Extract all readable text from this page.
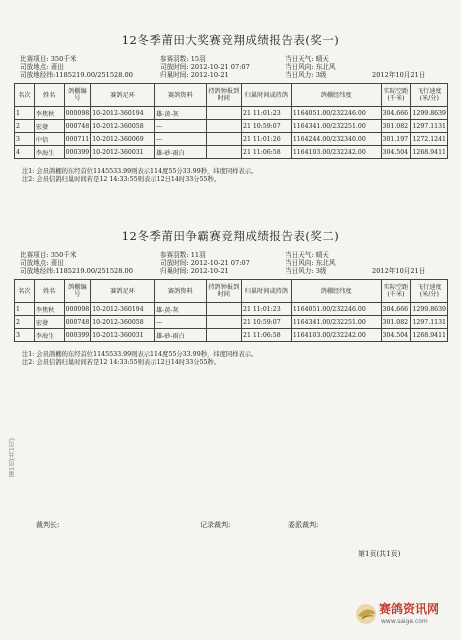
12冬季莆田大奖赛竞翔成绩报告表(奖一)
比赛项目: 350千米
司放地点: 莆田
司放地经纬:1185219.00/251528.00
参赛羽数: 15羽
司放时间: 2012-10-21 07:07
归巢时间: 2012-10-21
当日天气: 晴天
当日风向: 东北风
当日风力: 3级	2012年10月21日
名次	姓名	鸽棚编号	赛鸽足环	赛鸽资料	持鸽钟报到时间	归巢时间或持鸽	鸽棚经纬度	实际空距(千米)	飞行速度(米/分)
1	李焦秋	000098	10-2012-360194	雄-黄-灰		21 11:01:23	1164051.00/232246.00	304.666	1299.8639
2	宏發	000748	10-2012-360058	---		21 10:59:07	1164341.00/232251.00	301.082	1297.1131
3	中信	000711	10-2012-360069	---		21 11:01:26	1164244.00/232340.00	301.197	1272.1241
4	李海生	000399	10-2012-360031	雄-砂-雨白		21 11:06:58	1164103.00/232242.00	304.504	1268.9411
注1: 会员鸽棚的东经首位1145533.99则表示114度55分33.99秒，纬度同样表示。
注2: 会员信鸽归巢时间若是12 14:33:55则表示12日14时33分55秒。
12冬季莆田争霸赛竞翔成绩报告表(奖二)
比赛项目: 350千米
司放地点: 莆田
司放地经纬:1185219.00/251528.00
参赛羽数: 11羽
司放时间: 2012-10-21 07:07
归巢时间: 2012-10-21
当日天气: 晴天
当日风向: 东北风
当日风力: 3级	2012年10月21日
名次	姓名	鸽棚编号	赛鸽足环	赛鸽资料	持鸽钟报到时间	归巢时间或持鸽	鸽棚经纬度	实际空距(千米)	飞行速度(米/分)
1	李焦秋	000098	10-2012-360194	雄-黄-灰		21 11:01:23	1164051.00/232246.00	304.666	1299.8639
2	宏發	000748	10-2012-360058	---		21 10:59:07	1164341.00/232251.00	301.082	1297.1131
3	李海生	000399	10-2012-360031	雄-砂-雨白		21 11:06:58	1164103.00/232242.00	304.504	1268.9411
注1: 会员鸽棚的东经首位1145533.99则表示114度55分33.99秒，纬度同样表示。
注2: 会员信鸽归巢时间若是12 14:33:55则表示12日14时33分55秒。
第1页(共1页)
裁判长:	记录裁判:	委派裁判:
第1页(共1页)
赛鸽资讯网
www.saige.com
